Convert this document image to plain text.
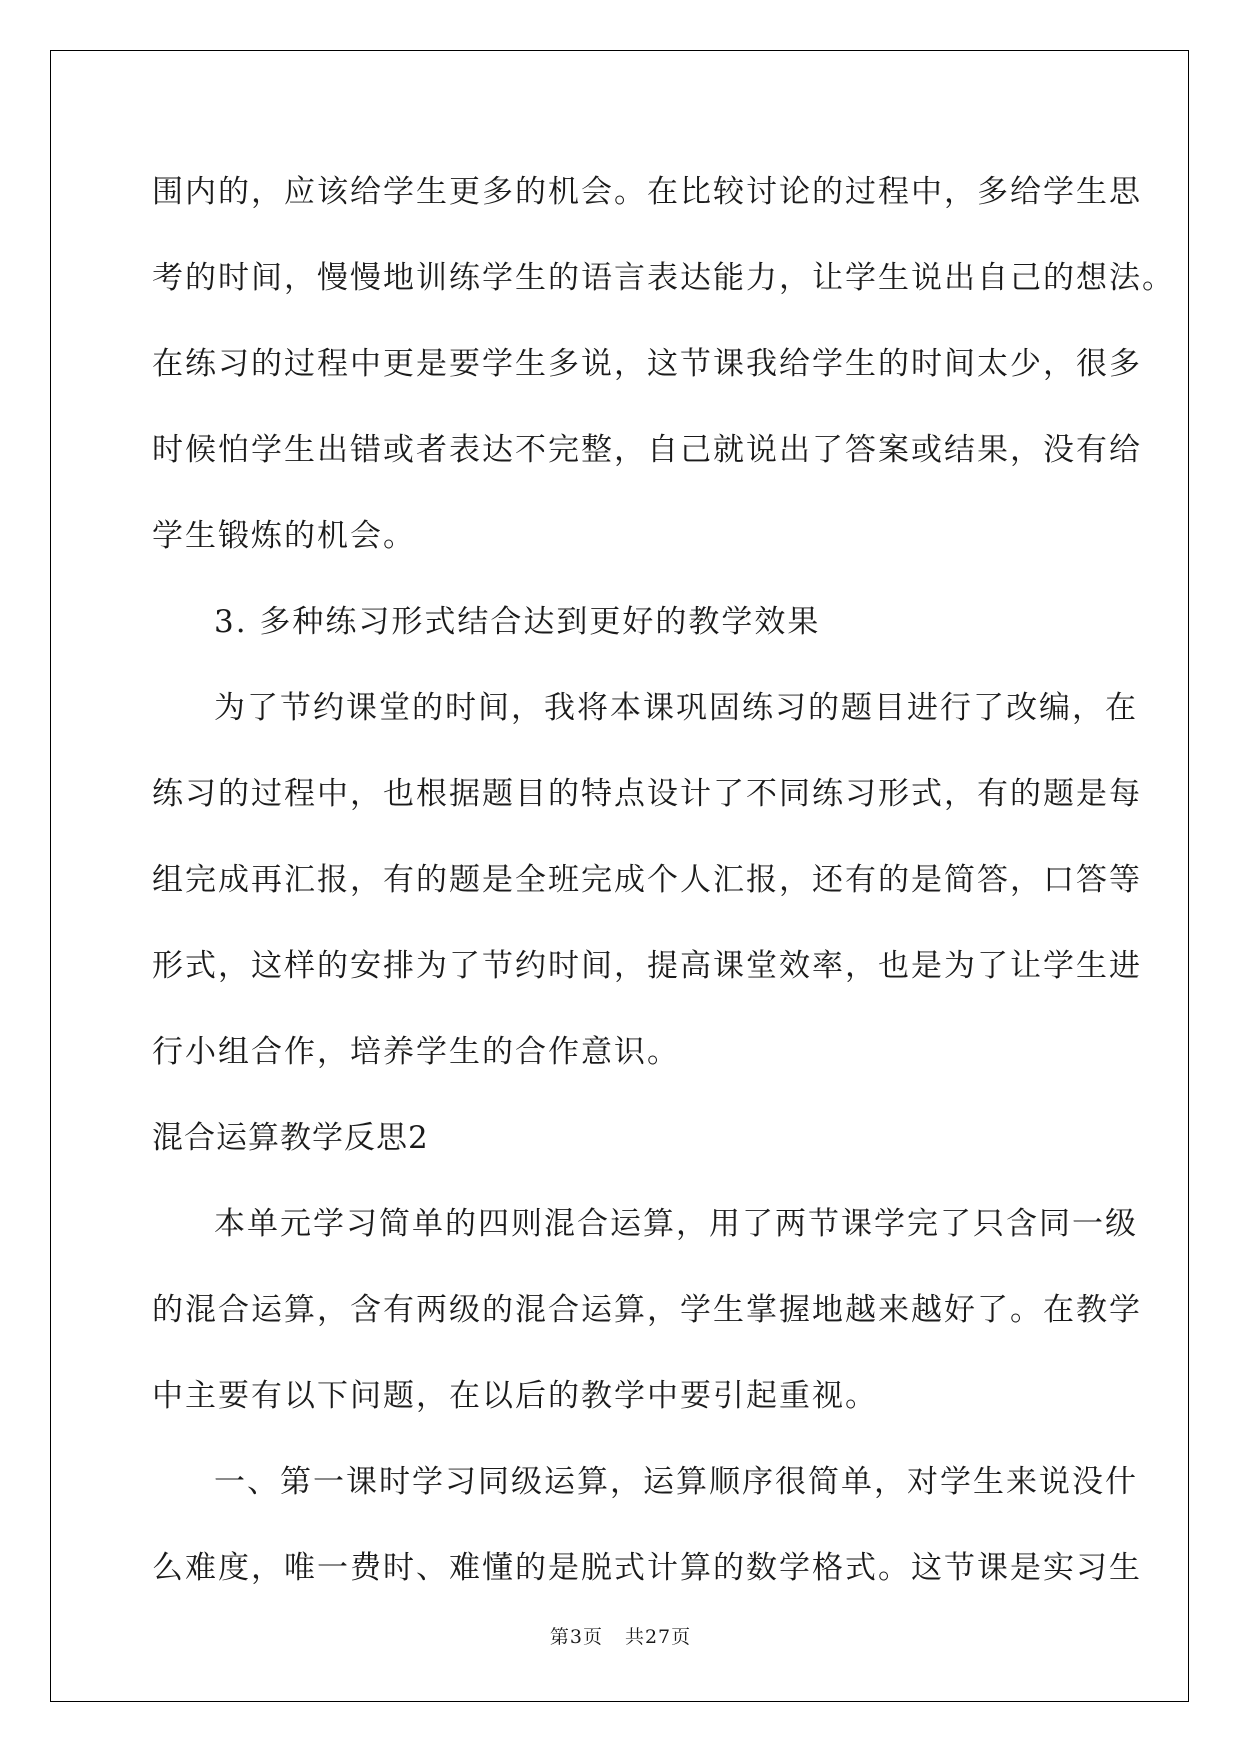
围内的，应该给学生更多的机会。在比较讨论的过程中，多给学生思
考的时间，慢慢地训练学生的语言表达能力，让学生说出自己的想法。
在练习的过程中更是要学生多说，这节课我给学生的时间太少，很多
时候怕学生出错或者表达不完整，自己就说出了答案或结果，没有给
学生锻炼的机会。
3. 多种练习形式结合达到更好的教学效果
为了节约课堂的时间，我将本课巩固练习的题目进行了改编，在
练习的过程中，也根据题目的特点设计了不同练习形式，有的题是每
组完成再汇报，有的题是全班完成个人汇报，还有的是简答，口答等
形式，这样的安排为了节约时间，提高课堂效率，也是为了让学生进
行小组合作，培养学生的合作意识。
混合运算教学反思2
本单元学习简单的四则混合运算，用了两节课学完了只含同一级
的混合运算，含有两级的混合运算，学生掌握地越来越好了。在教学
中主要有以下问题，在以后的教学中要引起重视。
一、第一课时学习同级运算，运算顺序很简单，对学生来说没什
么难度，唯一费时、难懂的是脱式计算的数学格式。这节课是实习生
第3页 共27页
